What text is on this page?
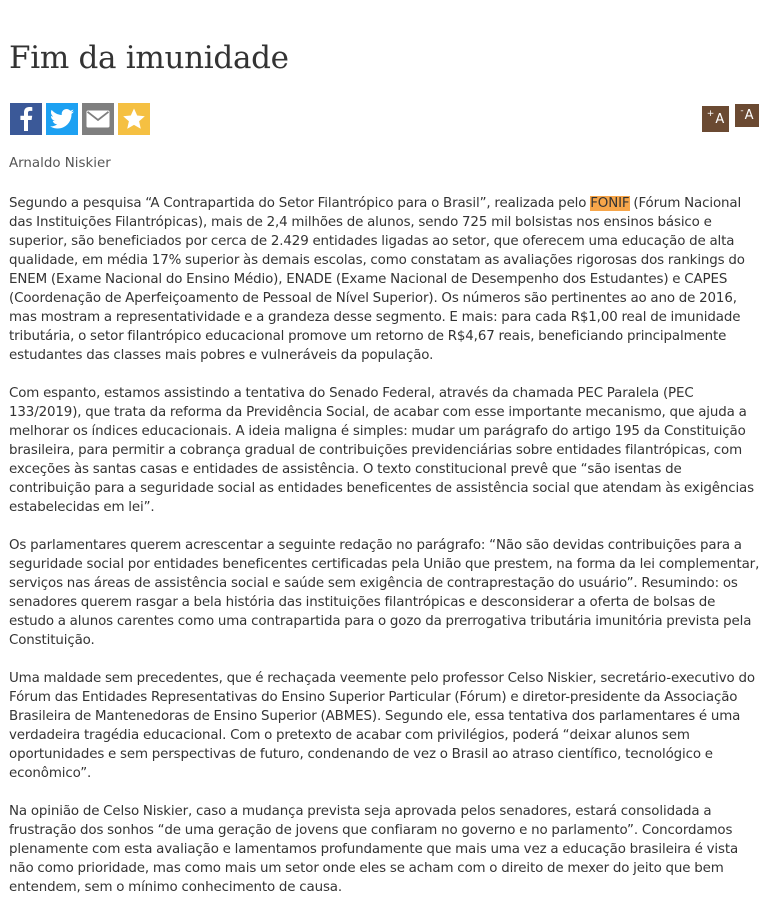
Fim da imunidade
+ A
- A

Arnaldo Niskier

Segundo a pesquisa “A Contrapartida do Setor Filantrópico para o Brasil”, realizada pelo FONIF (Fórum Nacional das Instituições Filantrópicas), mais de 2,4 milhões de alunos, sendo 725 mil bolsistas nos ensinos básico e superior, são beneficiados por cerca de 2.429 entidades ligadas ao setor, que oferecem uma educação de alta qualidade, em média 17% superior às demais escolas, como constatam as avaliações rigorosas dos rankings do ENEM (Exame Nacional do Ensino Médio), ENADE (Exame Nacional de Desempenho dos Estudantes) e CAPES (Coordenação de Aperfeiçoamento de Pessoal de Nível Superior). Os números são pertinentes ao ano de 2016, mas mostram a representatividade e a grandeza desse segmento. E mais: para cada R$1,00 real de imunidade tributária, o setor filantrópico educacional promove um retorno de R$4,67 reais, beneficiando principalmente estudantes das classes mais pobres e vulneráveis da população.

Com espanto, estamos assistindo a tentativa do Senado Federal, através da chamada PEC Paralela (PEC 133/2019), que trata da reforma da Previdência Social, de acabar com esse importante mecanismo, que ajuda a melhorar os índices educacionais. A ideia maligna é simples: mudar um parágrafo do artigo 195 da Constituição brasileira, para permitir a cobrança gradual de contribuições previdenciárias sobre entidades filantrópicas, com exceções às santas casas e entidades de assistência. O texto constitucional prevê que “são isentas de contribuição para a seguridade social as entidades beneficentes de assistência social que atendam às exigências estabelecidas em lei”.

Os parlamentares querem acrescentar a seguinte redação no parágrafo: “Não são devidas contribuições para a seguridade social por entidades beneficentes certificadas pela União que prestem, na forma da lei complementar, serviços nas áreas de assistência social e saúde sem exigência de contraprestação do usuário”. Resumindo: os senadores querem rasgar a bela história das instituições filantrópicas e desconsiderar a oferta de bolsas de estudo a alunos carentes como uma contrapartida para o gozo da prerrogativa tributária imunitória prevista pela Constituição.

Uma maldade sem precedentes, que é rechaçada veemente pelo professor Celso Niskier, secretário-executivo do Fórum das Entidades Representativas do Ensino Superior Particular (Fórum) e diretor-presidente da Associação Brasileira de Mantenedoras de Ensino Superior (ABMES). Segundo ele, essa tentativa dos parlamentares é uma verdadeira tragédia educacional. Com o pretexto de acabar com privilégios, poderá “deixar alunos sem oportunidades e sem perspectivas de futuro, condenando de vez o Brasil ao atraso científico, tecnológico e econômico”.

Na opinião de Celso Niskier, caso a mudança prevista seja aprovada pelos senadores, estará consolidada a frustração dos sonhos “de uma geração de jovens que confiaram no governo e no parlamento”. Concordamos plenamente com esta avaliação e lamentamos profundamente que mais uma vez a educação brasileira é vista não como prioridade, mas como mais um setor onde eles se acham com o direito de mexer do jeito que bem entendem, sem o mínimo conhecimento de causa.
